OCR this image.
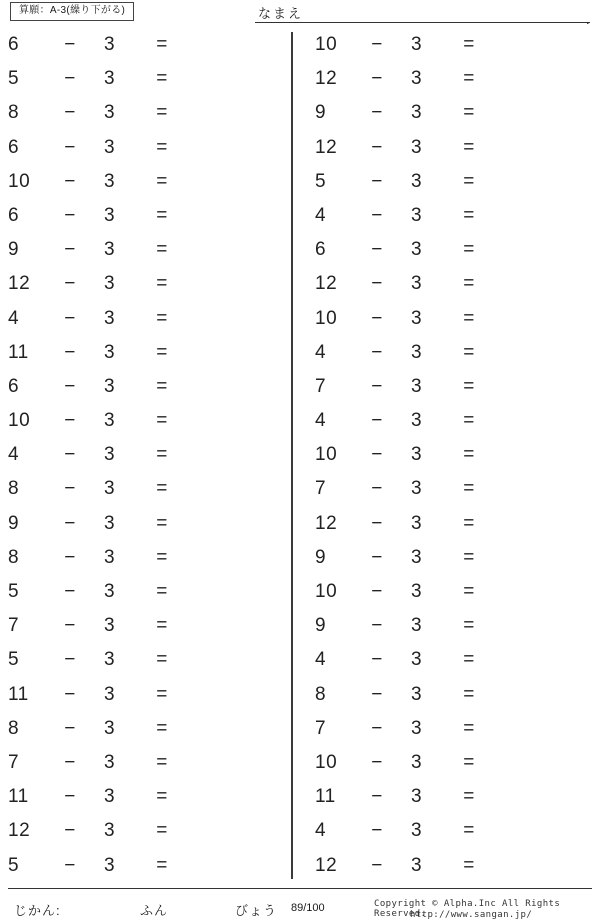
算願：A-3(繰り下がる)	なまえ	.
6	− 3	=
5	− 3	=
8	− 3	=
6	− 3	=
10	− 3	=
6	− 3	=
9	− 3	=
12	− 3	=
4	− 3	=
11	− 3	=
6	− 3	=
10	− 3	=
4	− 3	=
8	− 3	=
9	− 3	=
8	− 3	=
5	− 3	=
7	− 3	=
5	− 3	=
11	− 3	=
8	− 3	=
7	− 3	=
11	− 3	=
12	− 3	=
5	− 3	=
10	− 3	=
12	− 3	=
9	− 3	=
12	− 3	=
5	− 3	=
4	− 3	=
6	− 3	=
12	− 3	=
10	− 3	=
4	− 3	=
7	− 3	=
4	− 3	=
10	− 3	=
7	− 3	=
12	− 3	=
9	− 3	=
10	− 3	=
9	− 3	=
4	− 3	=
8	− 3	=
7	− 3	=
10	− 3	=
11	− 3	=
4	− 3	=
12	− 3	=
じかん:	ふん	びょう 89/100	Copyright © Alpha.Inc All Rights Reserved.
http://www.sangan.jp/
